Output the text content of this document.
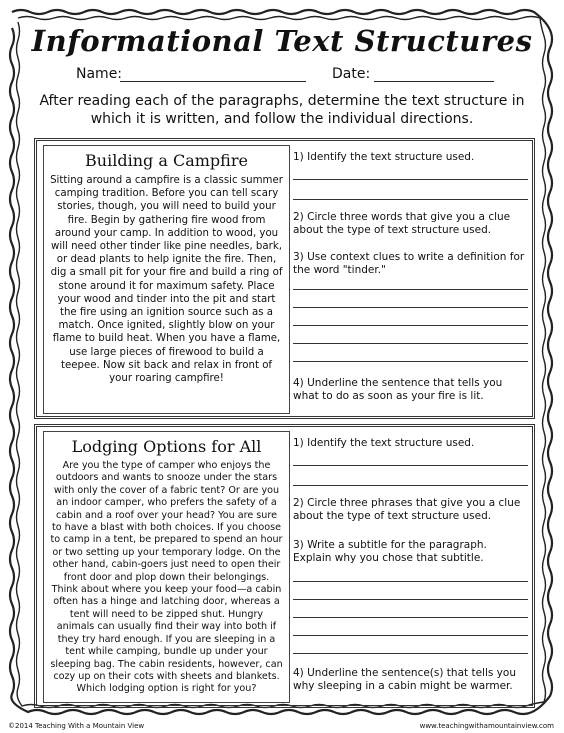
Informational Text Structures
Name:	Date:
After reading each of the paragraphs, determine the text structure in which it is written, and follow the individual directions.
Building a Campfire
Sitting around a campfire is a classic summer camping tradition. Before you can tell scary stories, though, you will need to build your fire. Begin by gathering fire wood from around your camp. In addition to wood, you will need other tinder like pine needles, bark, or dead plants to help ignite the fire. Then, dig a small pit for your fire and build a ring of stone around it for maximum safety. Place your wood and tinder into the pit and start the fire using an ignition source such as a match. Once ignited, slightly blow on your flame to build heat. When you have a flame, use large pieces of firewood to build a teepee. Now sit back and relax in front of your roaring campfire!
1) Identify the text structure used.
2) Circle three words that give you a clue about the type of text structure used.
3) Use context clues to write a definition for the word "tinder."
4) Underline the sentence that tells you what to do as soon as your fire is lit.
Lodging Options for All
Are you the type of camper who enjoys the outdoors and wants to snooze under the stars with only the cover of a fabric tent? Or are you an indoor camper, who prefers the safety of a cabin and a roof over your head? You are sure to have a blast with both choices. If you choose to camp in a tent, be prepared to spend an hour or two setting up your temporary lodge. On the other hand, cabin-goers just need to open their front door and plop down their belongings. Think about where you keep your food—a cabin often has a hinge and latching door, whereas a tent will need to be zipped shut. Hungry animals can usually find their way into both if they try hard enough. If you are sleeping in a tent while camping, bundle up under your sleeping bag. The cabin residents, however, can cozy up on their cots with sheets and blankets. Which lodging option is right for you?
1) Identify the text structure used.
2) Circle three phrases that give you a clue about the type of text structure used.
3) Write a subtitle for the paragraph. Explain why you chose that subtitle.
4) Underline the sentence(s) that tells you why sleeping in a cabin might be warmer.
©2014 Teaching With a Mountain View	www.teachingwithamountainview.com
